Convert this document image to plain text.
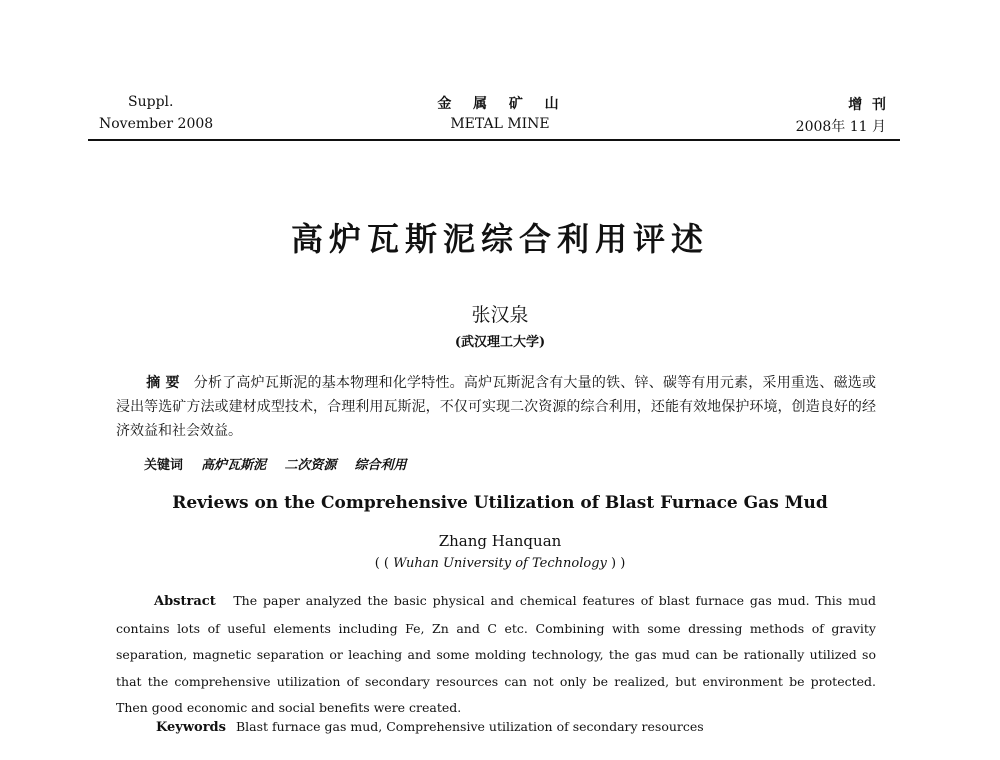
Suppl.
November 2008
金  属  矿  山
METAL MINE
增  刊
2008年 11 月
高炉瓦斯泥综合利用评述
张汉泉
(武汉理工大学)
摘 要 分析了高炉瓦斯泥的基本物理和化学特性。高炉瓦斯泥含有大量的铁、锌、碳等有用元素，采用重选、磁选或浸出等选矿方法或建材成型技术，合理利用瓦斯泥，不仅可实现二次资源的综合利用，还能有效地保护环境，创造良好的经济效益和社会效益。
关键词 高炉瓦斯泥 二次资源 综合利用
Reviews on the Comprehensive Utilization of Blast Furnace Gas Mud
Zhang Hanquan
( ( Wuhan University of Technology ) )
Abstract The paper analyzed the basic physical and chemical features of blast furnace gas mud. This mud contains lots of useful elements including Fe, Zn and C etc. Combining with some dressing methods of gravity separation, magnetic separation or leaching and some molding technology, the gas mud can be rationally utilized so that the comprehensive utilization of secondary resources can not only be realized, but environment be protected. Then good economic and social benefits were created.
Keywords Blast furnace gas mud, Comprehensive utilization of secondary resources
